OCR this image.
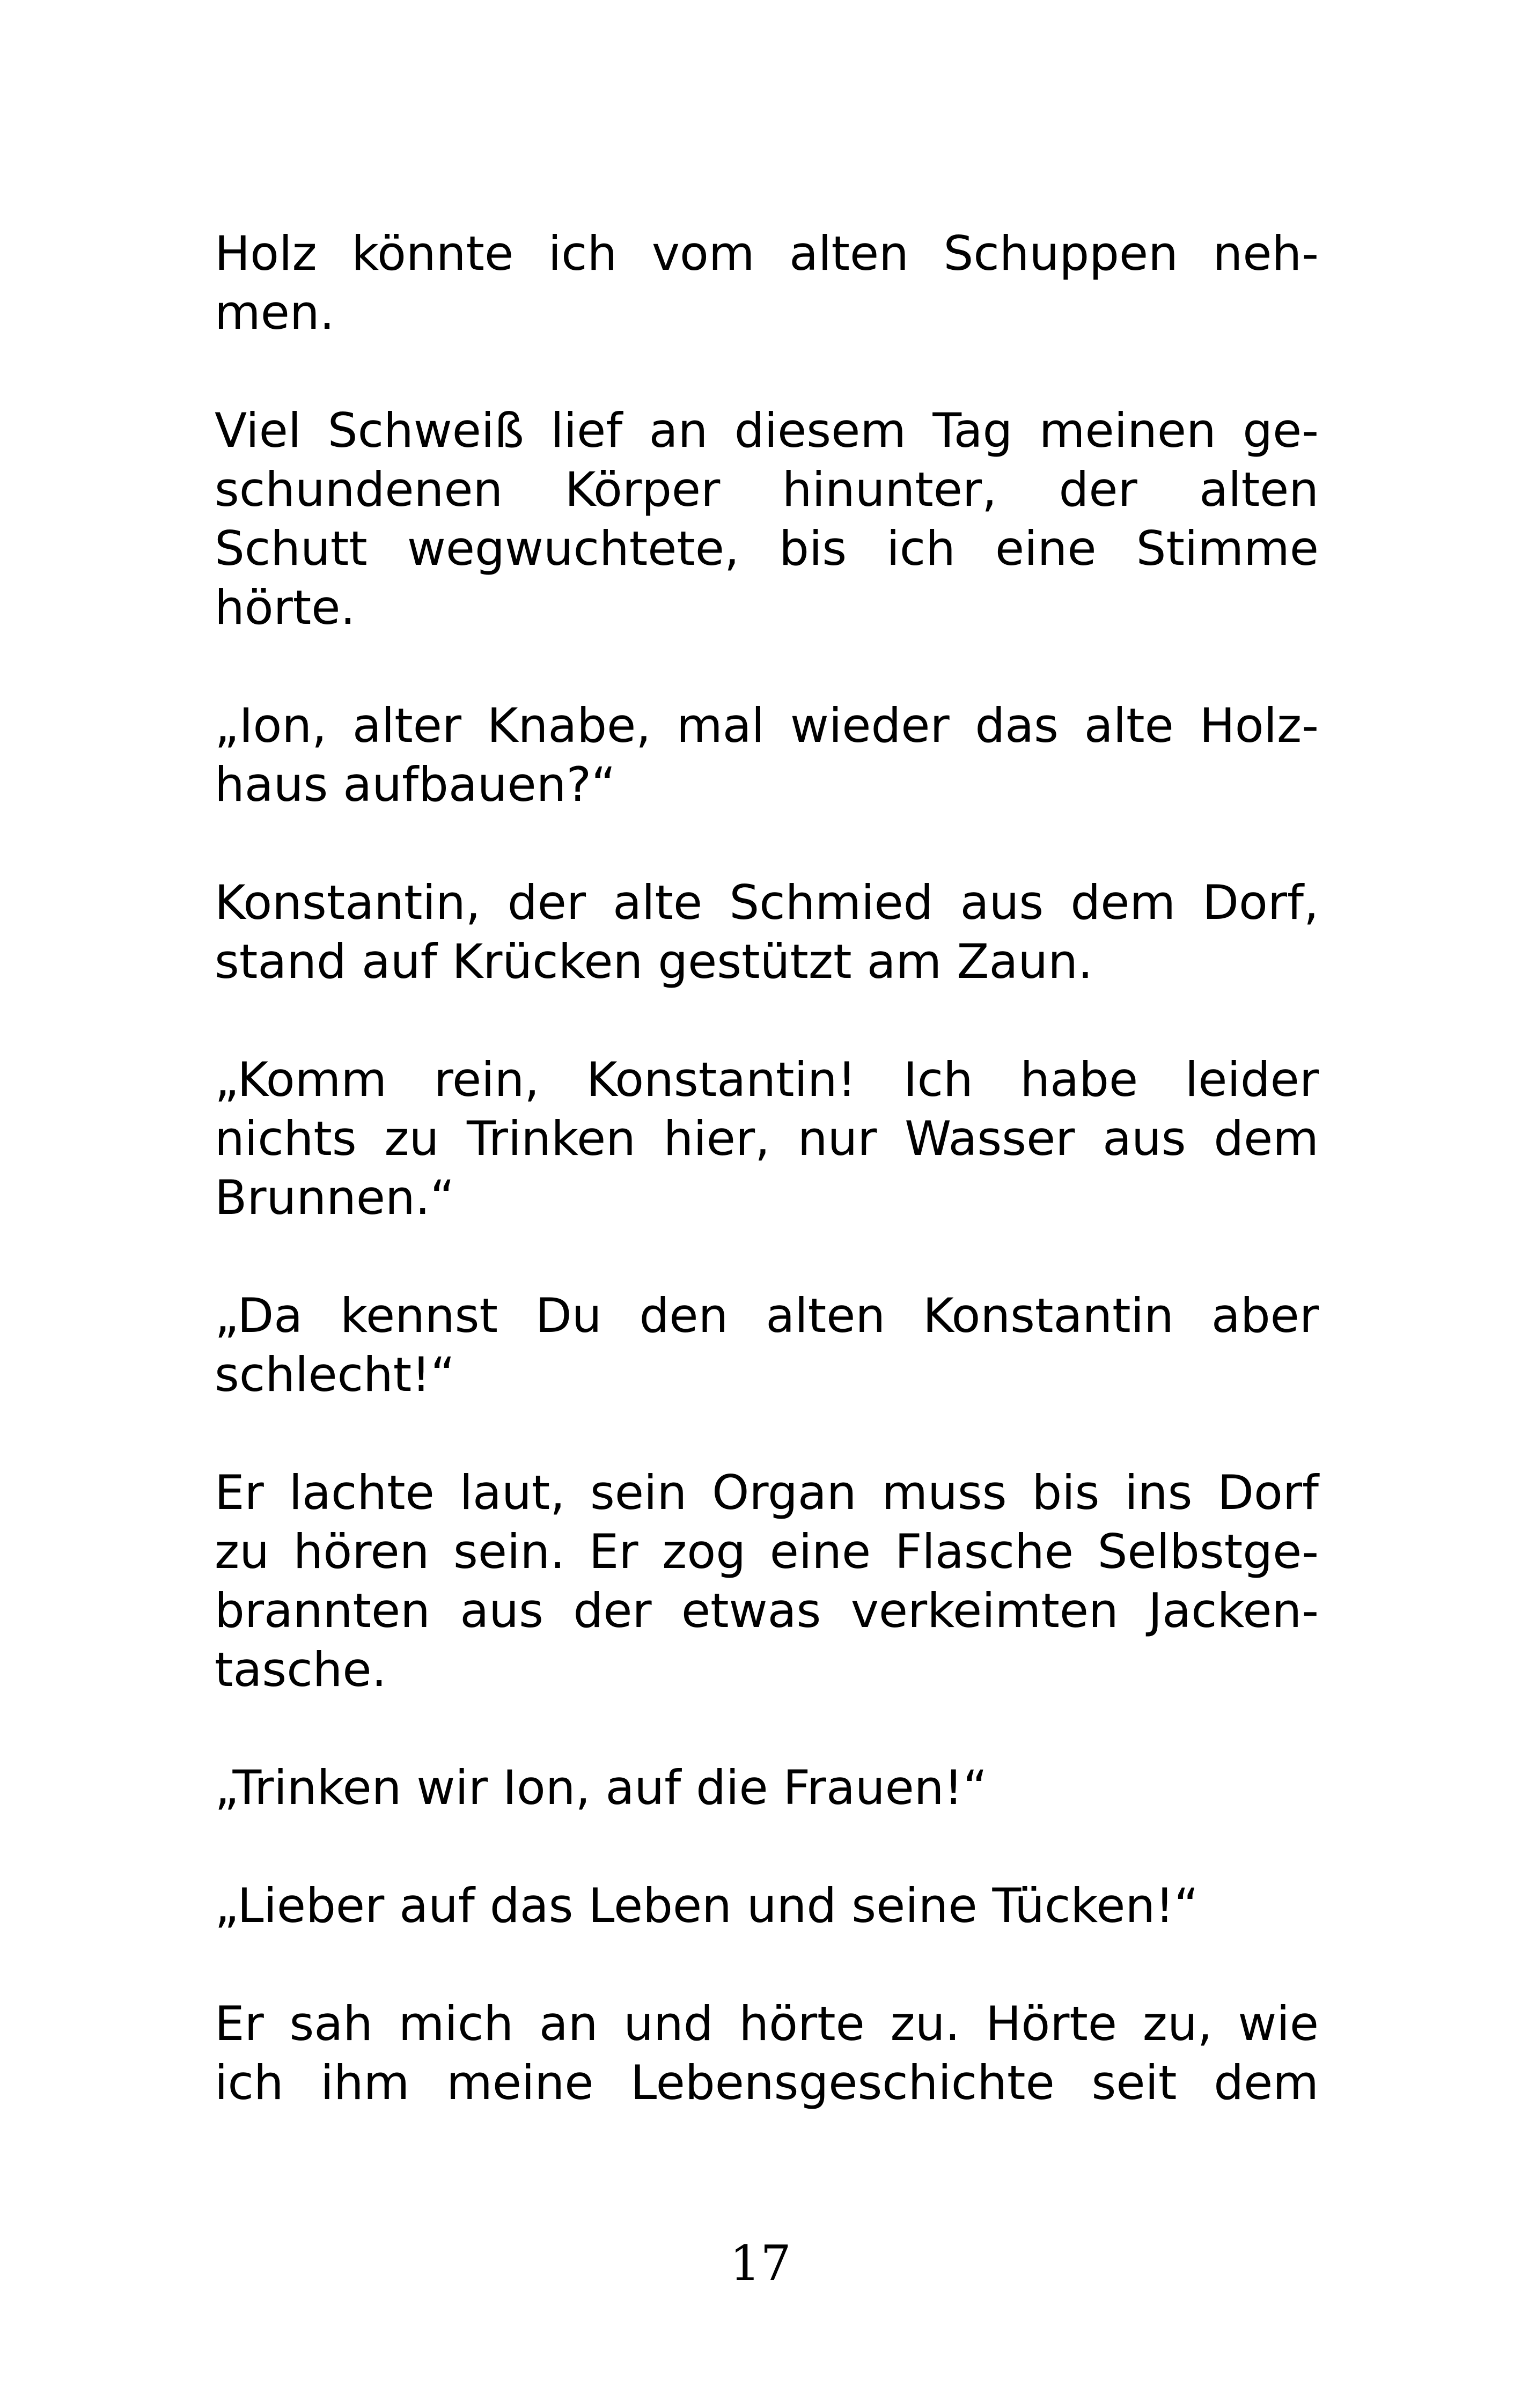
Holz könnte ich vom alten Schuppen neh-
men.
Viel Schweiß lief an diesem Tag meinen ge-
schundenen Körper hinunter, der alten
Schutt wegwuchtete, bis ich eine Stimme
hörte.
„Ion, alter Knabe, mal wieder das alte Holz-
haus aufbauen?“
Konstantin, der alte Schmied aus dem Dorf,
stand auf Krücken gestützt am Zaun.
„Komm rein, Konstantin! Ich habe leider
nichts zu Trinken hier, nur Wasser aus dem
Brunnen.“
„Da kennst Du den alten Konstantin aber
schlecht!“
Er lachte laut, sein Organ muss bis ins Dorf
zu hören sein. Er zog eine Flasche Selbstge-
brannten aus der etwas verkeimten Jacken-
tasche.
„Trinken wir Ion, auf die Frauen!“
„Lieber auf das Leben und seine Tücken!“
Er sah mich an und hörte zu. Hörte zu, wie
ich ihm meine Lebensgeschichte seit dem
17
